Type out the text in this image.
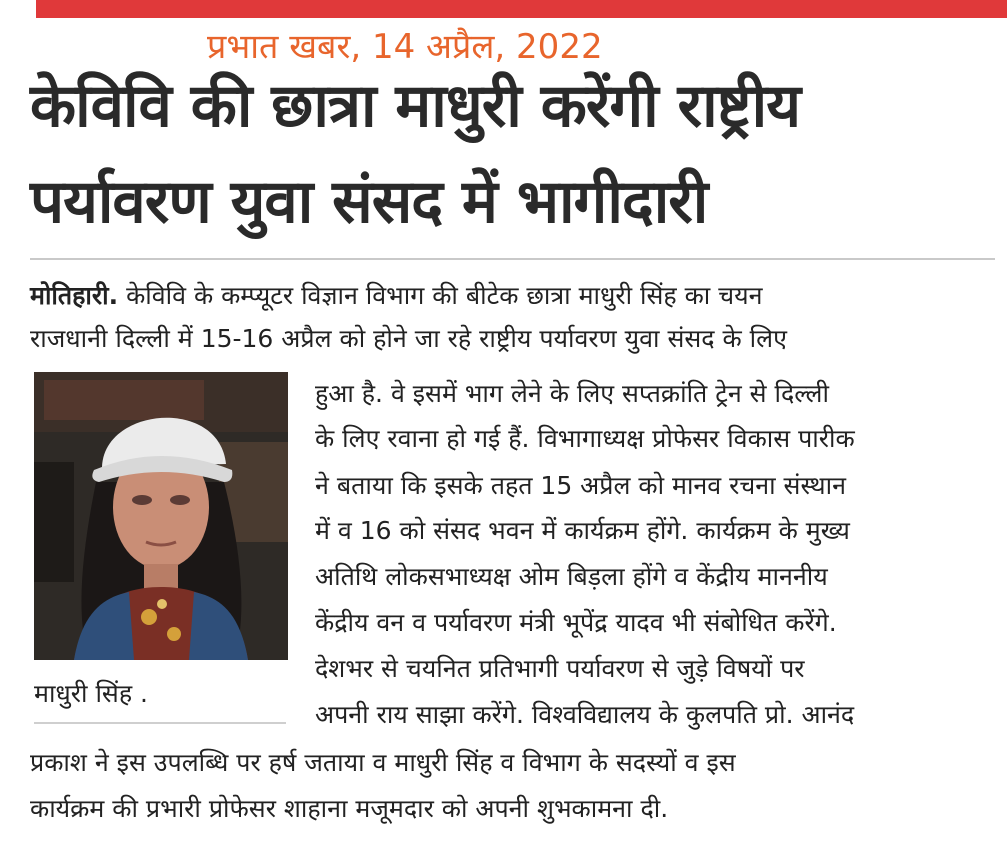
प्रभात खबर, 14 अप्रैल, 2022
केविवि की छात्रा माधुरी करेंगी राष्ट्रीय
पर्यावरण युवा संसद में भागीदारी
मोतिहारी. केविवि के कम्प्यूटर विज्ञान विभाग की बीटेक छात्रा माधुरी सिंह का चयन
राजधानी दिल्ली में 15-16 अप्रैल को होने जा रहे राष्ट्रीय पर्यावरण युवा संसद के लिए
हुआ है. वे इसमें भाग लेने के लिए सप्तक्रांति ट्रेन से दिल्ली
के लिए रवाना हो गई हैं. विभागाध्यक्ष प्रोफेसर विकास पारीक
ने बताया कि इसके तहत 15 अप्रैल को मानव रचना संस्थान
में व 16 को संसद भवन में कार्यक्रम होंगे. कार्यक्रम के मुख्य
अतिथि लोकसभाध्यक्ष ओम बिड़ला होंगे व केंद्रीय माननीय
केंद्रीय वन व पर्यावरण मंत्री भूपेंद्र यादव भी संबोधित करेंगे.
देशभर से चयनित प्रतिभागी पर्यावरण से जुड़े विषयों पर
अपनी राय साझा करेंगे. विश्वविद्यालय के कुलपति प्रो. आनंद
प्रकाश ने इस उपलब्धि पर हर्ष जताया व माधुरी सिंह व विभाग के सदस्यों व इस
कार्यक्रम की प्रभारी प्रोफेसर शाहाना मजूमदार को अपनी शुभकामना दी.
माधुरी सिंह .
